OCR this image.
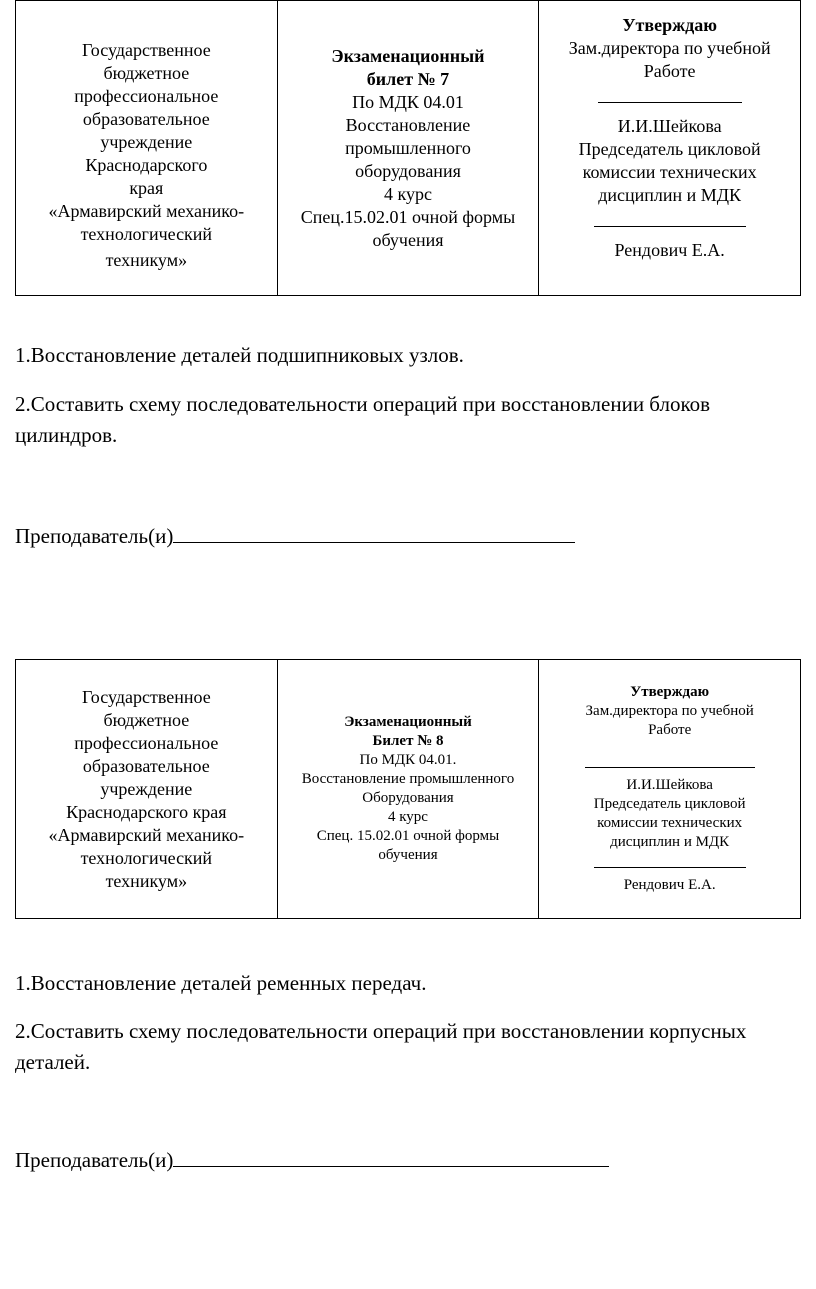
Государственное
бюджетное
профессиональное
образовательное
учреждение
Краснодарского
края
«Армавирский механико-
технологический
техникум»

Экзаменационный
билет № 7
По МДК 04.01
Восстановление
промышленного
оборудования
4 курс
Спец.15.02.01 очной формы
обучения

Утверждаю
Зам.директора по учебной
Работе
И.И.Шейкова
Председатель цикловой
комиссии технических
дисциплин и МДК
Рендович Е.А.

1.Восстановление деталей подшипниковых узлов.

2.Составить схему последовательности операций при восстановлении блоков цилиндров.

Преподаватель(и)
Государственное
бюджетное
профессиональное
образовательное
учреждение
Краснодарского края
«Армавирский механико-
технологический
техникум»

Экзаменационный
Билет № 8
По МДК 04.01.
Восстановление промышленного
Оборудования
4 курс
Спец. 15.02.01 очной формы
обучения

Утверждаю
Зам.директора по учебной
Работе
И.И.Шейкова
Председатель цикловой
комиссии технических
дисциплин и МДК
Рендович Е.А.

1.Восстановление деталей ременных передач.

2.Составить схему последовательности операций при восстановлении корпусных деталей.

Преподаватель(и)
